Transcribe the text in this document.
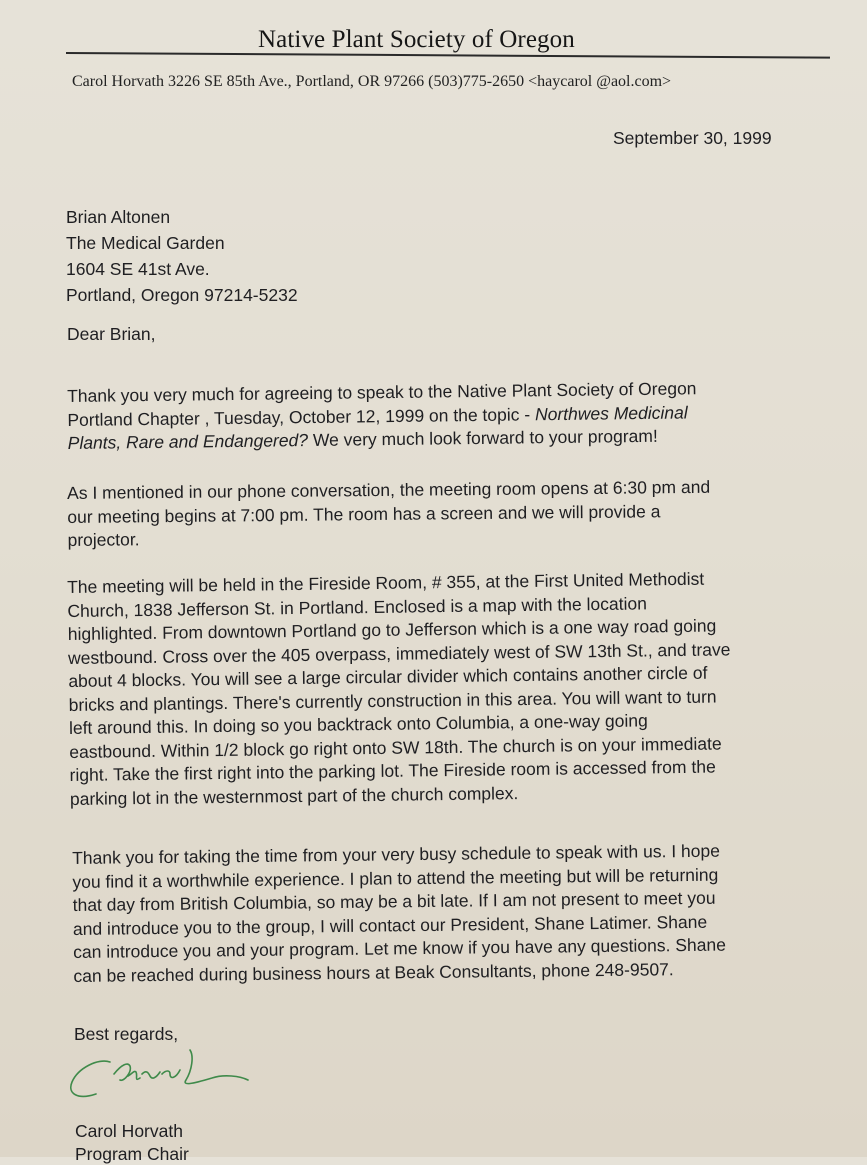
Native Plant Society of Oregon
Carol Horvath 3226 SE 85th Ave., Portland, OR 97266 (503)775-2650 <haycarol @aol.com>
September 30, 1999
Brian Altonen
The Medical Garden
1604 SE 41st Ave.
Portland, Oregon 97214-5232
Dear Brian,
Thank you very much for agreeing to speak to the Native Plant Society of Oregon
Portland Chapter , Tuesday, October 12, 1999 on the topic - Northwes Medicinal
Plants, Rare and Endangered? We very much look forward to your program!
As I mentioned in our phone conversation, the meeting room opens at 6:30 pm and
our meeting begins at 7:00 pm. The room has a screen and we will provide a
projector.
The meeting will be held in the Fireside Room, # 355, at the First United Methodist
Church, 1838 Jefferson St. in Portland. Enclosed is a map with the location
highlighted. From downtown Portland go to Jefferson which is a one way road going
westbound. Cross over the 405 overpass, immediately west of SW 13th St., and trave
about 4 blocks. You will see a large circular divider which contains another circle of
bricks and plantings. There's currently construction in this area. You will want to turn
left around this. In doing so you backtrack onto Columbia, a one-way going
eastbound. Within 1/2 block go right onto SW 18th. The church is on your immediate
right. Take the first right into the parking lot. The Fireside room is accessed from the
parking lot in the westernmost part of the church complex.
Thank you for taking the time from your very busy schedule to speak with us. I hope
you find it a worthwhile experience. I plan to attend the meeting but will be returning
that day from British Columbia, so may be a bit late. If I am not present to meet you
and introduce you to the group, I will contact our President, Shane Latimer. Shane
can introduce you and your program. Let me know if you have any questions. Shane
can be reached during business hours at Beak Consultants, phone 248-9507.
Best regards,
Carol Horvath
Program Chair
